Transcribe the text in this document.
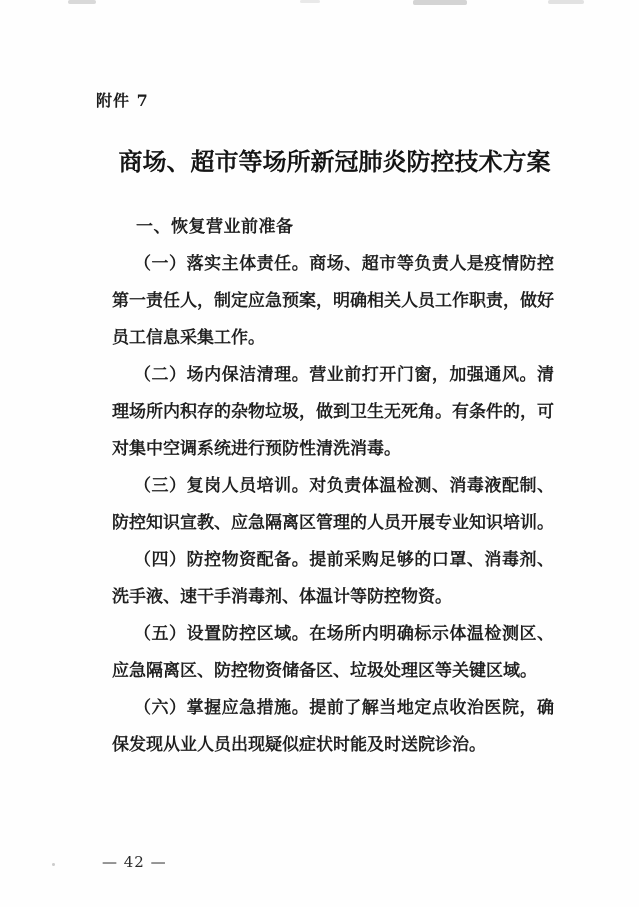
附件 7
商场、超市等场所新冠肺炎防控技术方案
一、恢复营业前准备

（一）落实主体责任。商场、超市等负责人是疫情防控第一责任人，制定应急预案，明确相关人员工作职责，做好员工信息采集工作。

（二）场内保洁清理。营业前打开门窗，加强通风。清理场所内积存的杂物垃圾，做到卫生无死角。有条件的，可对集中空调系统进行预防性清洗消毒。

（三）复岗人员培训。对负责体温检测、消毒液配制、防控知识宣教、应急隔离区管理的人员开展专业知识培训。

（四）防控物资配备。提前采购足够的口罩、消毒剂、洗手液、速干手消毒剂、体温计等防控物资。

（五）设置防控区域。在场所内明确标示体温检测区、应急隔离区、防控物资储备区、垃圾处理区等关键区域。

（六）掌握应急措施。提前了解当地定点收治医院，确保发现从业人员出现疑似症状时能及时送院诊治。

— 42 —
